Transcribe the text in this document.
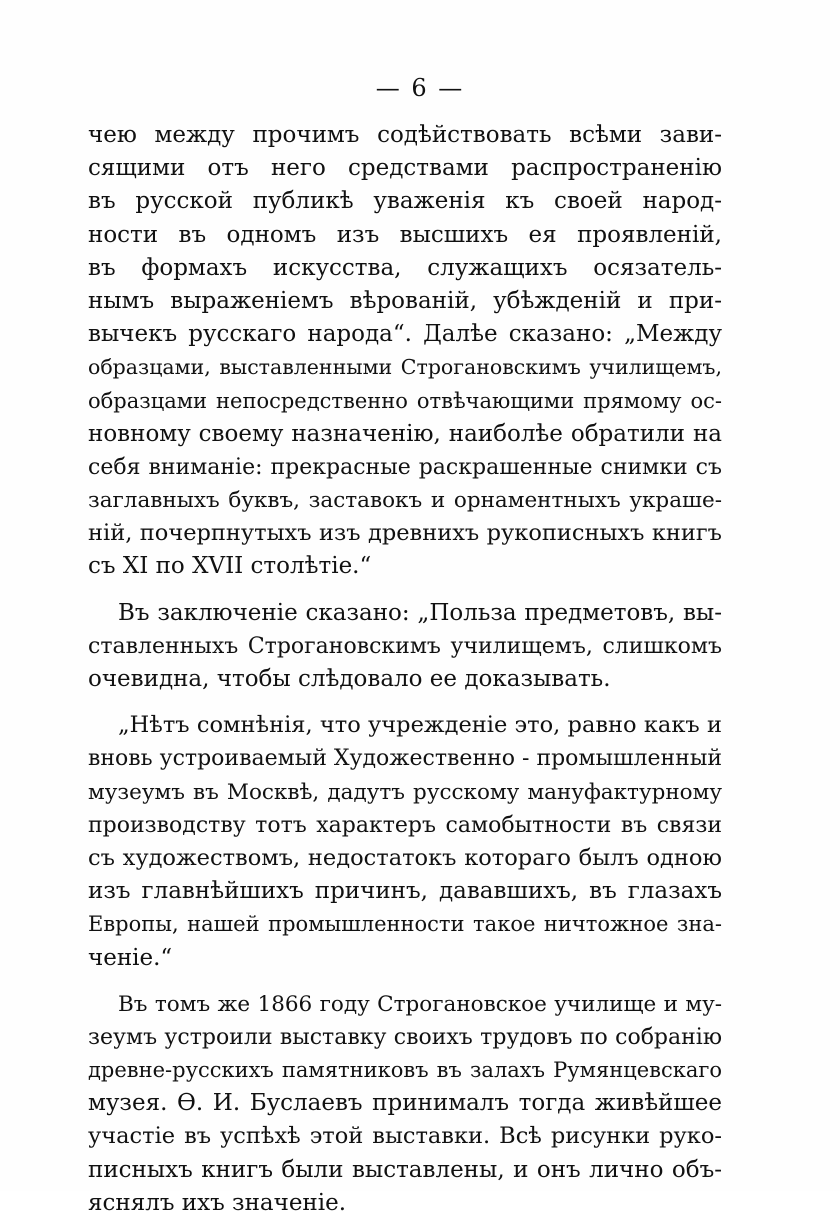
— 6 —
чею между прочимъ содѣйствовать всѣми зави-
сящими отъ него средствами распространенію
въ русской публикѣ уваженія къ своей народ-
ности въ одномъ изъ высшихъ ея проявленій,
въ формахъ искусства, служащихъ осязатель-
нымъ выраженіемъ вѣрованій, убѣжденій и при-
вычекъ русскаго народа“. Далѣе сказано: „Между
образцами, выставленными Строгановскимъ училищемъ,
образцами непосредственно отвѣчающими прямому ос-
новному своему назначенію, наиболѣе обратили на
себя вниманіе: прекрасные раскрашенные снимки съ
заглавныхъ буквъ, заставокъ и орнаментныхъ украше-
ній, почерпнутыхъ изъ древнихъ рукописныхъ книгъ
съ XI по XVII столѣтіе.“
Въ заключеніе сказано: „Польза предметовъ, вы-
ставленныхъ Строгановскимъ училищемъ, слишкомъ
очевидна, чтобы слѣдовало ее доказывать.
„Нѣтъ сомнѣнія, что учрежденіе это, равно какъ и
вновь устроиваемый Художественно - промышленный
музеумъ въ Москвѣ, дадутъ русскому мануфактурному
производству тотъ характеръ самобытности въ связи
съ художествомъ, недостатокъ котораго былъ одною
изъ главнѣйшихъ причинъ, дававшихъ, въ глазахъ
Европы, нашей промышленности такое ничтожное зна-
ченіе.“
Въ томъ же 1866 году Строгановское училище и му-
зеумъ устроили выставку своихъ трудовъ по собранію
древне-русскихъ памятниковъ въ залахъ Румянцевскаго
музея. Ѳ. И. Буслаевъ принималъ тогда живѣйшее
участіе въ успѣхѣ этой выставки. Всѣ рисунки руко-
писныхъ книгъ были выставлены, и онъ лично объ-
яснялъ ихъ значеніе.
